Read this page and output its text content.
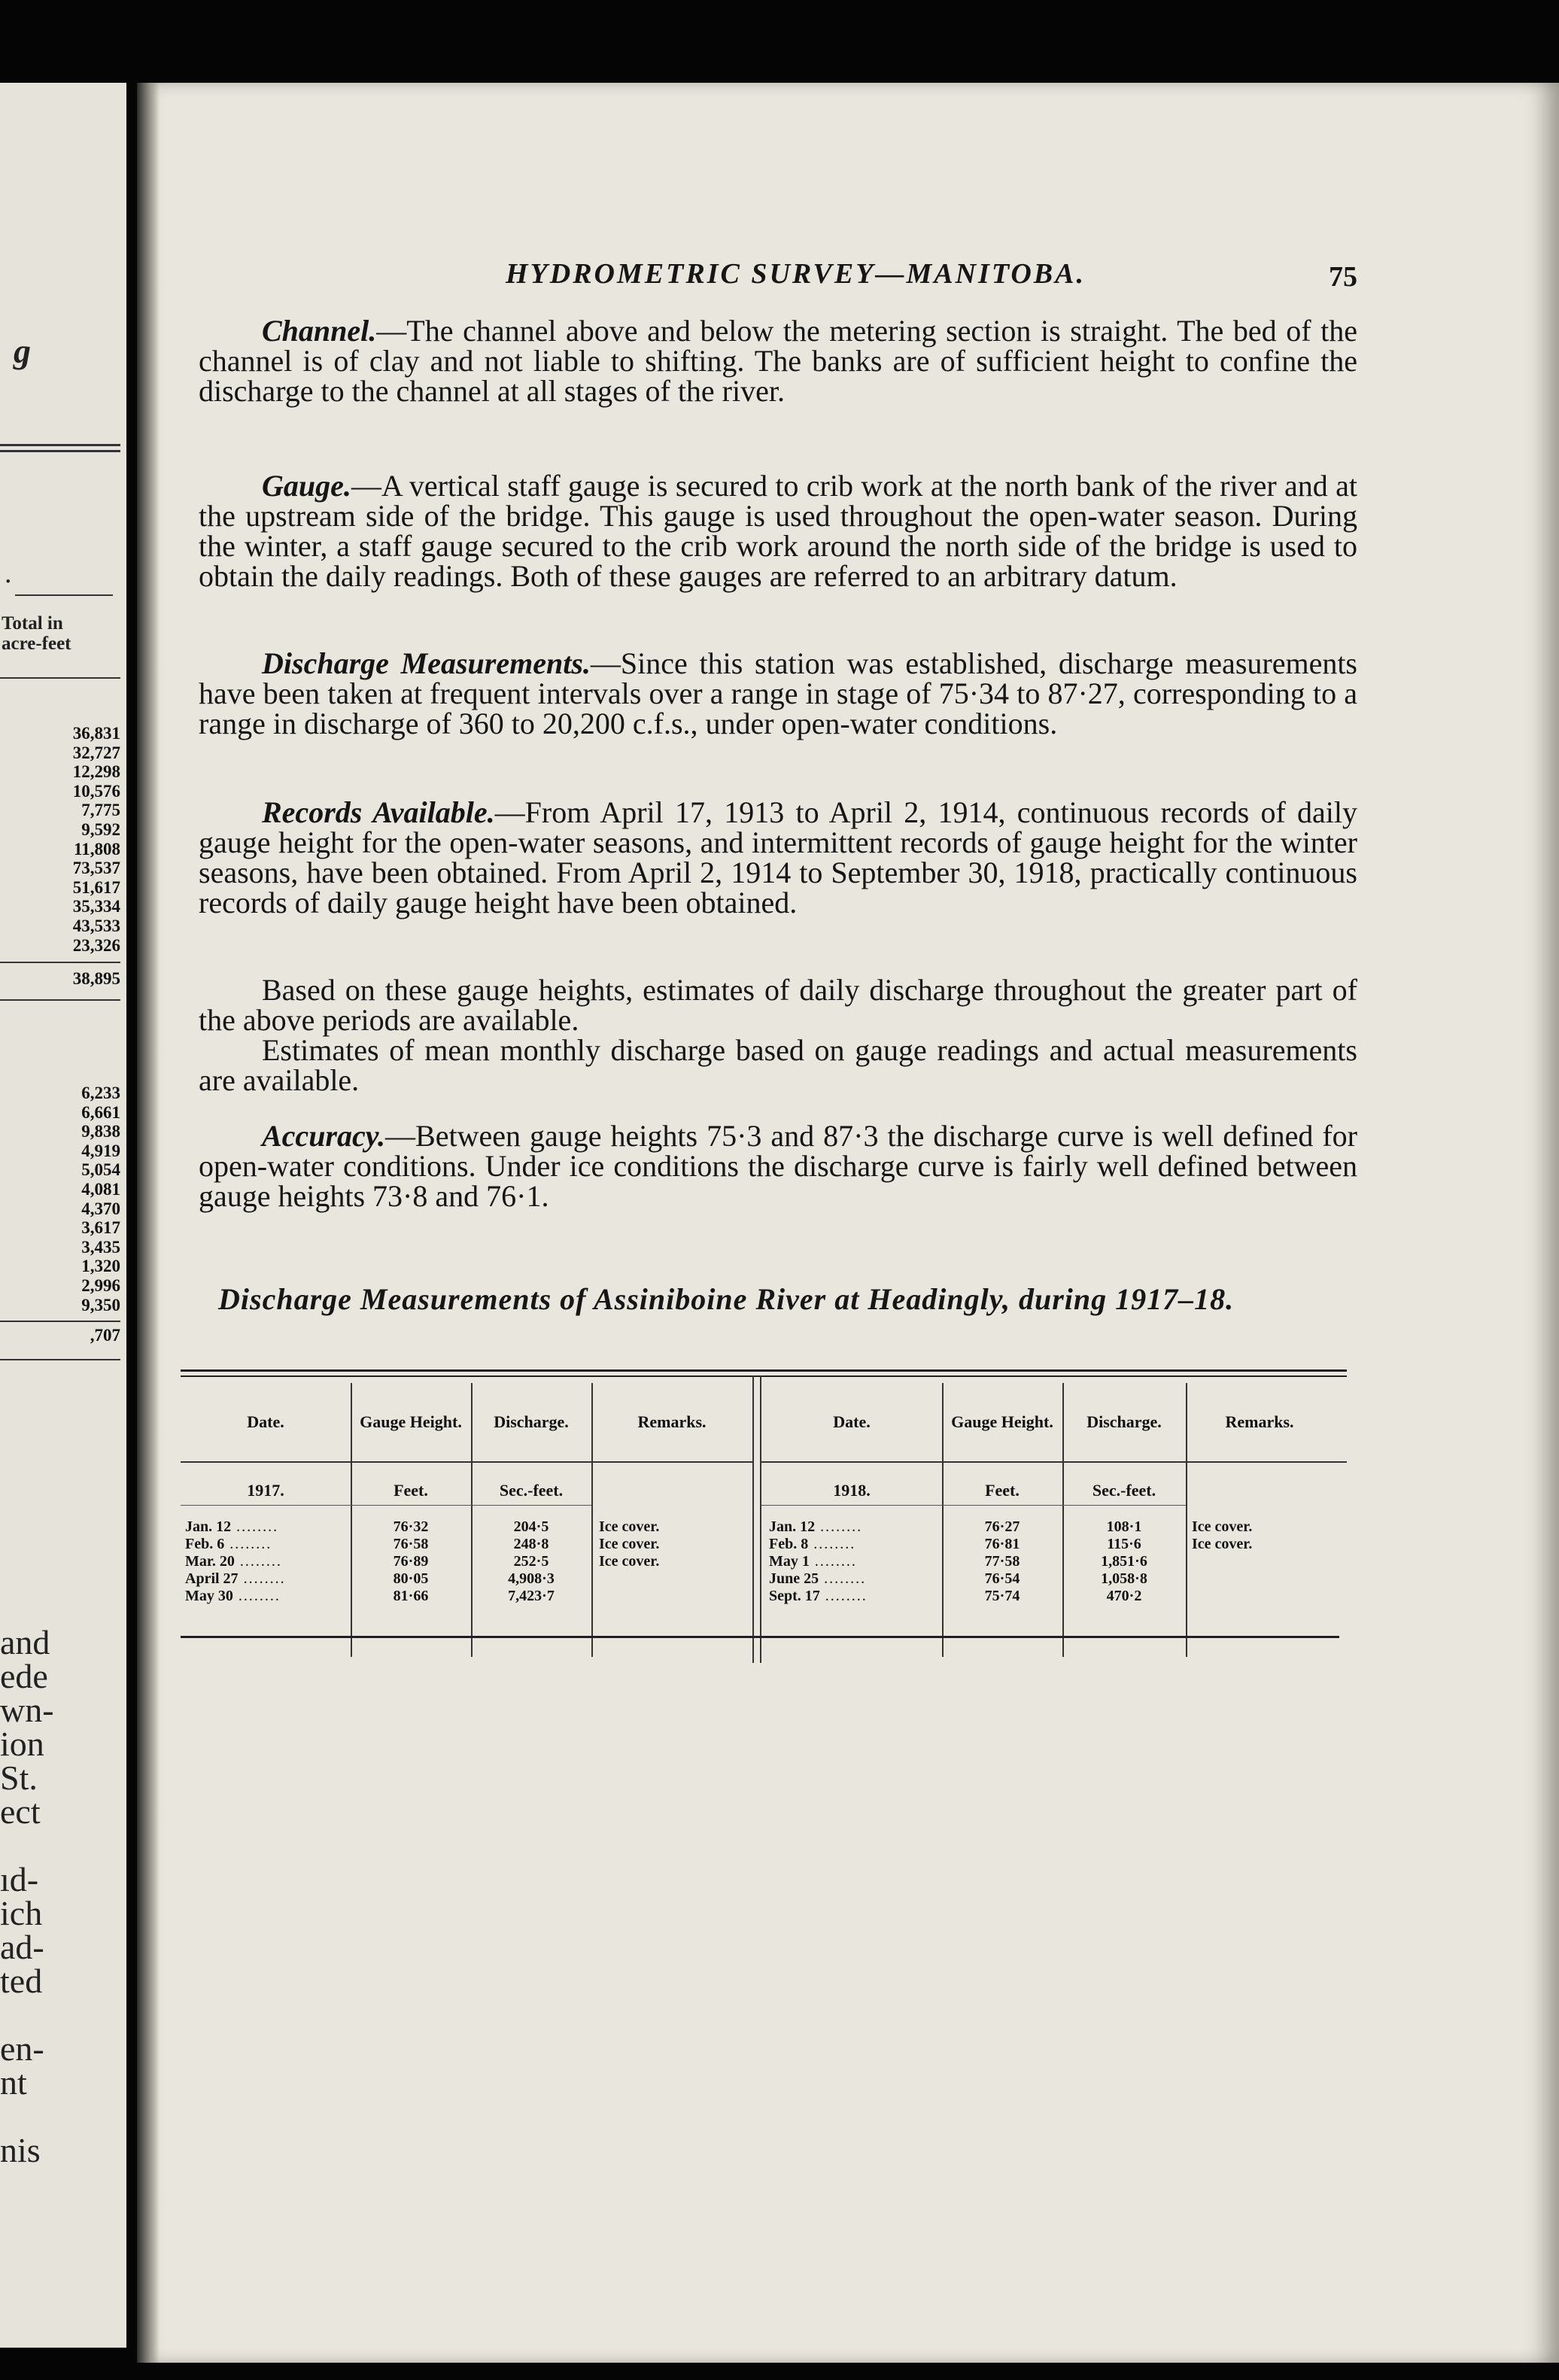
g
.
Total in
acre-feet
36,831
32,727
12,298
10,576
7,775
9,592
11,808
73,537
51,617
35,334
43,533
23,326
38,895
6,233
6,661
9,838
4,919
5,054
4,081
4,370
3,617
3,435
1,320
2,996
9,350
,707
and
ede
wn-
ion
St.
ect

ıd-
ich
ad-
ted

en-
nt

nis
HYDROMETRIC SURVEY—MANITOBA.	75
Channel.—The channel above and below the metering section is straight. The bed of the channel is of clay and not liable to shifting. The banks are of sufficient height to confine the discharge to the channel at all stages of the river.
Gauge.—A vertical staff gauge is secured to crib work at the north bank of the river and at the upstream side of the bridge. This gauge is used throughout the open-water season. During the winter, a staff gauge secured to the crib work around the north side of the bridge is used to obtain the daily readings. Both of these gauges are referred to an arbitrary datum.
Discharge Measurements.—Since this station was established, discharge measurements have been taken at frequent intervals over a range in stage of 75·34 to 87·27, corresponding to a range in discharge of 360 to 20,200 c.f.s., under open-water conditions.
Records Available.—From April 17, 1913 to April 2, 1914, continuous records of daily gauge height for the open-water seasons, and intermittent records of gauge height for the winter seasons, have been obtained. From April 2, 1914 to September 30, 1918, practically continuous records of daily gauge height have been obtained.
Based on these gauge heights, estimates of daily discharge throughout the greater part of the above periods are available.
Estimates of mean monthly discharge based on gauge readings and actual measurements are available.
Accuracy.—Between gauge heights 75·3 and 87·3 the discharge curve is well defined for open-water conditions. Under ice conditions the discharge curve is fairly well defined between gauge heights 73·8 and 76·1.
Discharge Measurements of Assiniboine River at Headingly, during 1917–18.
Date.	Gauge Height.	Discharge.	Remarks.
1917.	Feet.	Sec.-feet.
Jan. 12 ........	76·32	204·5	Ice cover.
Feb. 6 ........	76·58	248·8	Ice cover.
Mar. 20 ........	76·89	252·5	Ice cover.
April 27 ........	80·05	4,908·3
May 30 ........	81·66	7,423·7
Date.	Gauge Height.	Discharge.	Remarks.
1918.	Feet.	Sec.-feet.
Jan. 12 ........	76·27	108·1	Ice cover.
Feb. 8 ........	76·81	115·6	Ice cover.
May 1 ........	77·58	1,851·6
June 25 ........	76·54	1,058·8
Sept. 17 ........	75·74	470·2
